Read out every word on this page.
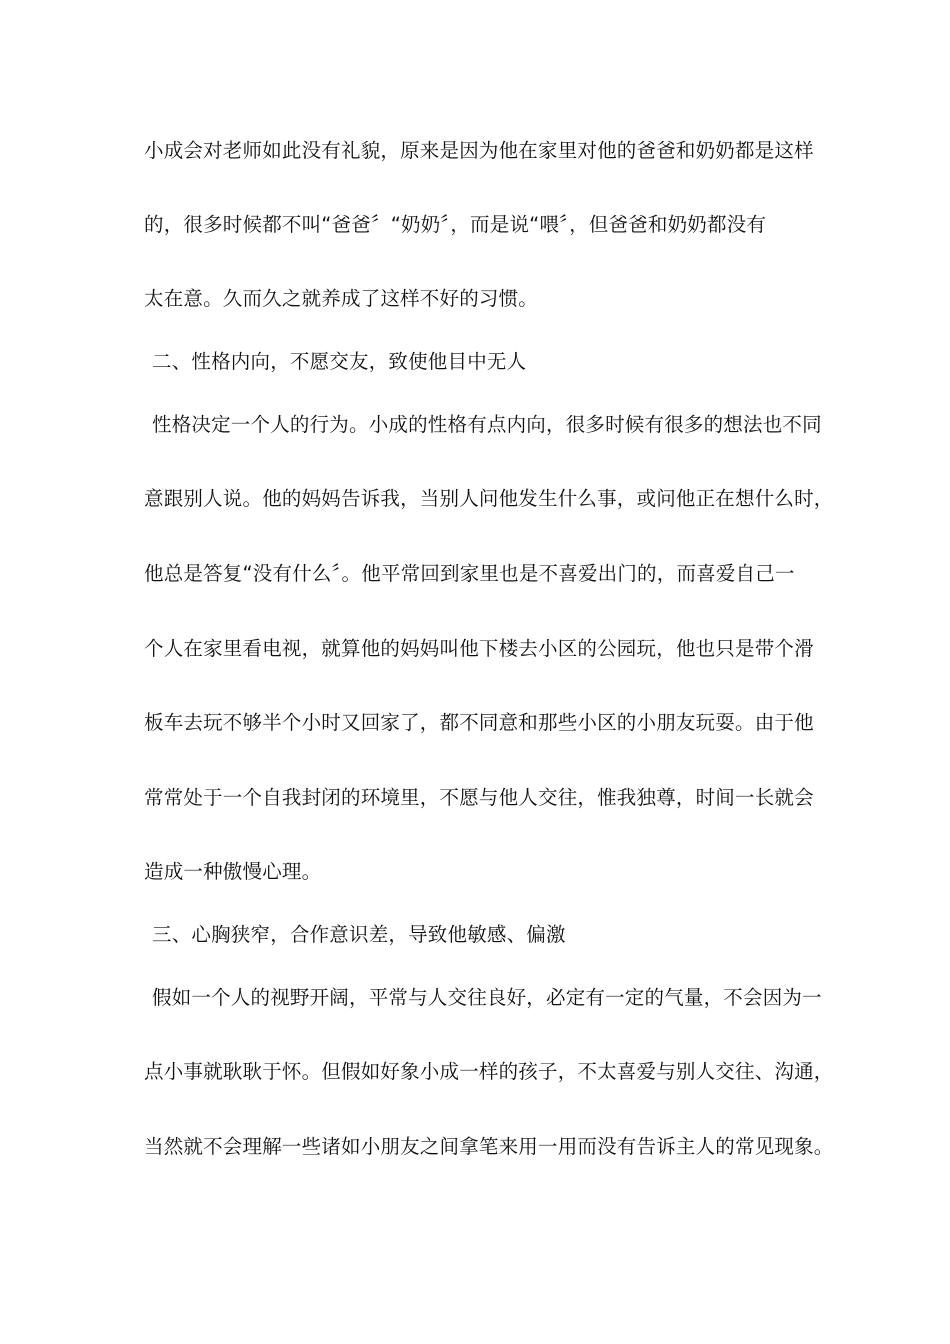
小成会对老师如此没有礼貌，原来是因为他在家里对他的爸爸和奶奶都是这样
的，很多时候都不叫“爸爸〞“奶奶〞，而是说“喂〞，但爸爸和奶奶都没有
太在意。久而久之就养成了这样不好的习惯。
二、性格内向，不愿交友，致使他目中无人
性格决定一个人的行为。小成的性格有点内向，很多时候有很多的想法也不同
意跟别人说。他的妈妈告诉我，当别人问他发生什么事，或问他正在想什么时，
他总是答复“没有什么〞。他平常回到家里也是不喜爱出门的，而喜爱自己一
个人在家里看电视，就算他的妈妈叫他下楼去小区的公园玩，他也只是带个滑
板车去玩不够半个小时又回家了，都不同意和那些小区的小朋友玩耍。由于他
常常处于一个自我封闭的环境里，不愿与他人交往，惟我独尊，时间一长就会
造成一种傲慢心理。
三、心胸狭窄，合作意识差，导致他敏感、偏激
假如一个人的视野开阔，平常与人交往良好，必定有一定的气量，不会因为一
点小事就耿耿于怀。但假如好象小成一样的孩子，不太喜爱与别人交往、沟通，
当然就不会理解一些诸如小朋友之间拿笔来用一用而没有告诉主人的常见现象。
